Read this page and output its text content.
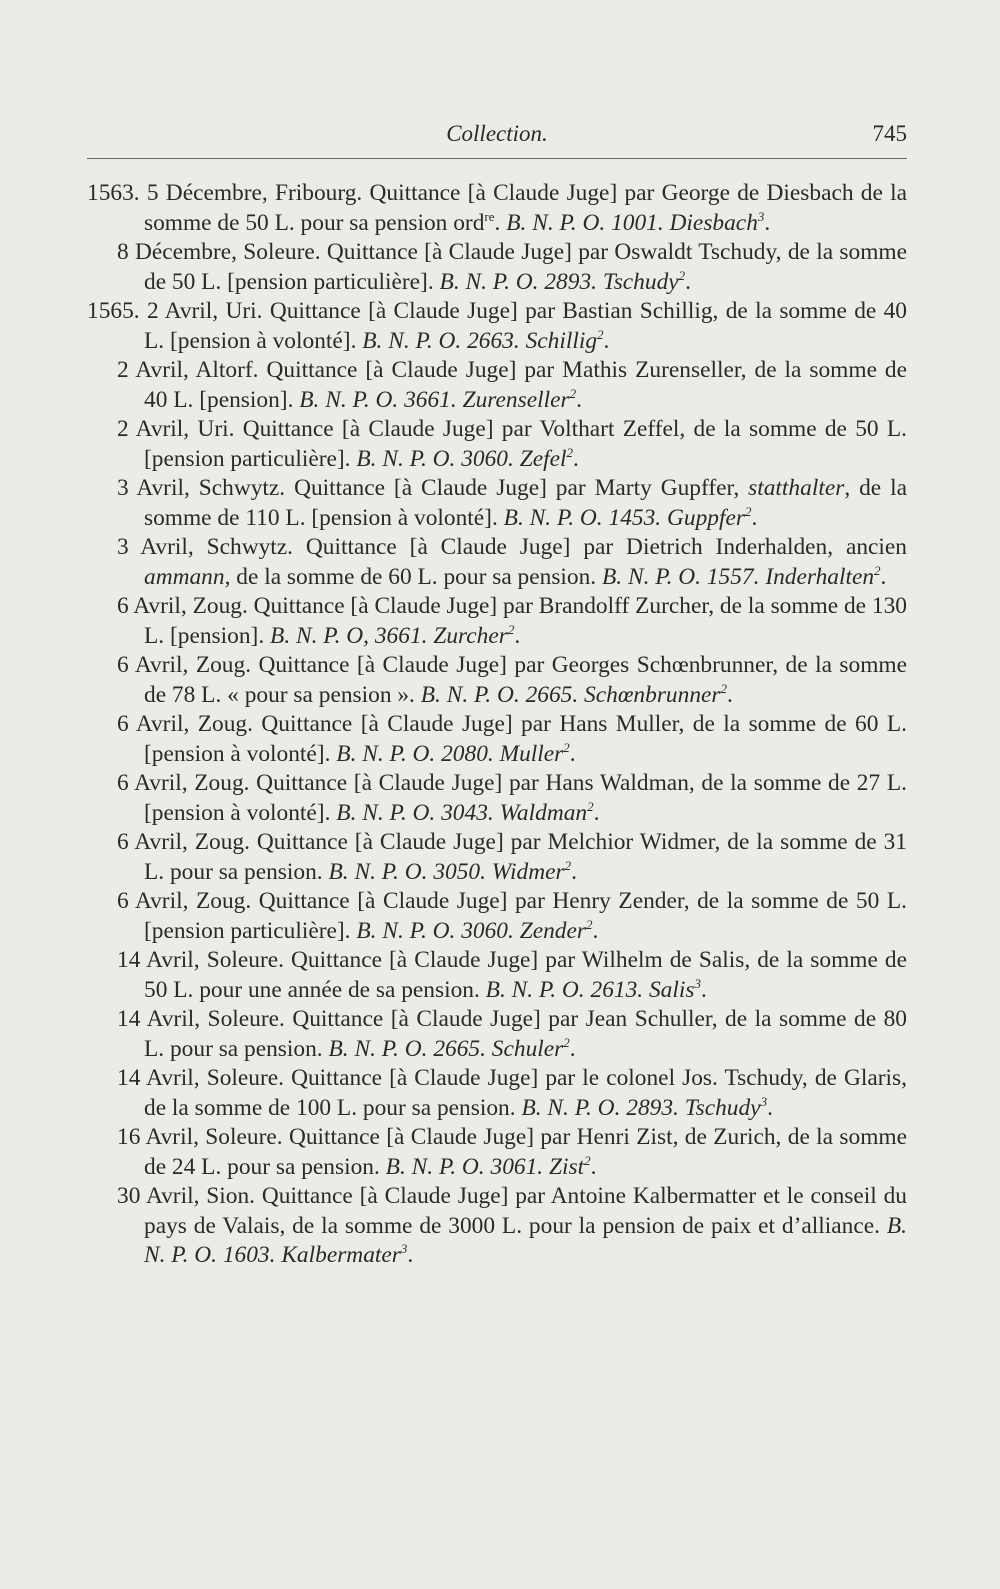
Collection.	745
1563. 5 Décembre, Fribourg. Quittance [à Claude Juge] par George de Diesbach de la somme de 50 L. pour sa pension ord$^{re}$. B. N. P. O. 1001. Diesbach$^3$.
8 Décembre, Soleure. Quittance [à Claude Juge] par Oswaldt Tschudy, de la somme de 50 L. [pension particulière]. B. N. P. O. 2893. Tschudy$^2$.
1565. 2 Avril, Uri. Quittance [à Claude Juge] par Bastian Schillig, de la somme de 40 L. [pension à volonté]. B. N. P. O. 2663. Schillig$^2$.
2 Avril, Altorf. Quittance [à Claude Juge] par Mathis Zurenseller, de la somme de 40 L. [pension]. B. N. P. O. 3661. Zurenseller$^2$.
2 Avril, Uri. Quittance [à Claude Juge] par Volthart Zeffel, de la somme de 50 L. [pension particulière]. B. N. P. O. 3060. Zefel$^2$.
3 Avril, Schwytz. Quittance [à Claude Juge] par Marty Gupffer, statthalter, de la somme de 110 L. [pension à volonté]. B. N. P. O. 1453. Guppfer$^2$.
3 Avril, Schwytz. Quittance [à Claude Juge] par Dietrich Inderhalden, ancien ammann, de la somme de 60 L. pour sa pension. B. N. P. O. 1557. Inderhalten$^2$.
6 Avril, Zoug. Quittance [à Claude Juge] par Brandolff Zurcher, de la somme de 130 L. [pension]. B. N. P. O, 3661. Zurcher$^2$.
6 Avril, Zoug. Quittance [à Claude Juge] par Georges Schœnbrunner, de la somme de 78 L. « pour sa pension ». B. N. P. O. 2665. Schœnbrunner$^2$.
6 Avril, Zoug. Quittance [à Claude Juge] par Hans Muller, de la somme de 60 L. [pension à volonté]. B. N. P. O. 2080. Muller$^2$.
6 Avril, Zoug. Quittance [à Claude Juge] par Hans Waldman, de la somme de 27 L. [pension à volonté]. B. N. P. O. 3043. Waldman$^2$.
6 Avril, Zoug. Quittance [à Claude Juge] par Melchior Widmer, de la somme de 31 L. pour sa pension. B. N. P. O. 3050. Widmer$^2$.
6 Avril, Zoug. Quittance [à Claude Juge] par Henry Zender, de la somme de 50 L. [pension particulière]. B. N. P. O. 3060. Zender$^2$.
14 Avril, Soleure. Quittance [à Claude Juge] par Wilhelm de Salis, de la somme de 50 L. pour une année de sa pension. B. N. P. O. 2613. Salis$^3$.
14 Avril, Soleure. Quittance [à Claude Juge] par Jean Schuller, de la somme de 80 L. pour sa pension. B. N. P. O. 2665. Schuler$^2$.
14 Avril, Soleure. Quittance [à Claude Juge] par le colonel Jos. Tschudy, de Glaris, de la somme de 100 L. pour sa pension. B. N. P. O. 2893. Tschudy$^3$.
16 Avril, Soleure. Quittance [à Claude Juge] par Henri Zist, de Zurich, de la somme de 24 L. pour sa pension. B. N. P. O. 3061. Zist$^2$.
30 Avril, Sion. Quittance [à Claude Juge] par Antoine Kalbermatter et le conseil du pays de Valais, de la somme de 3000 L. pour la pension de paix et d’alliance. B. N. P. O. 1603. Kalbermater$^3$.
